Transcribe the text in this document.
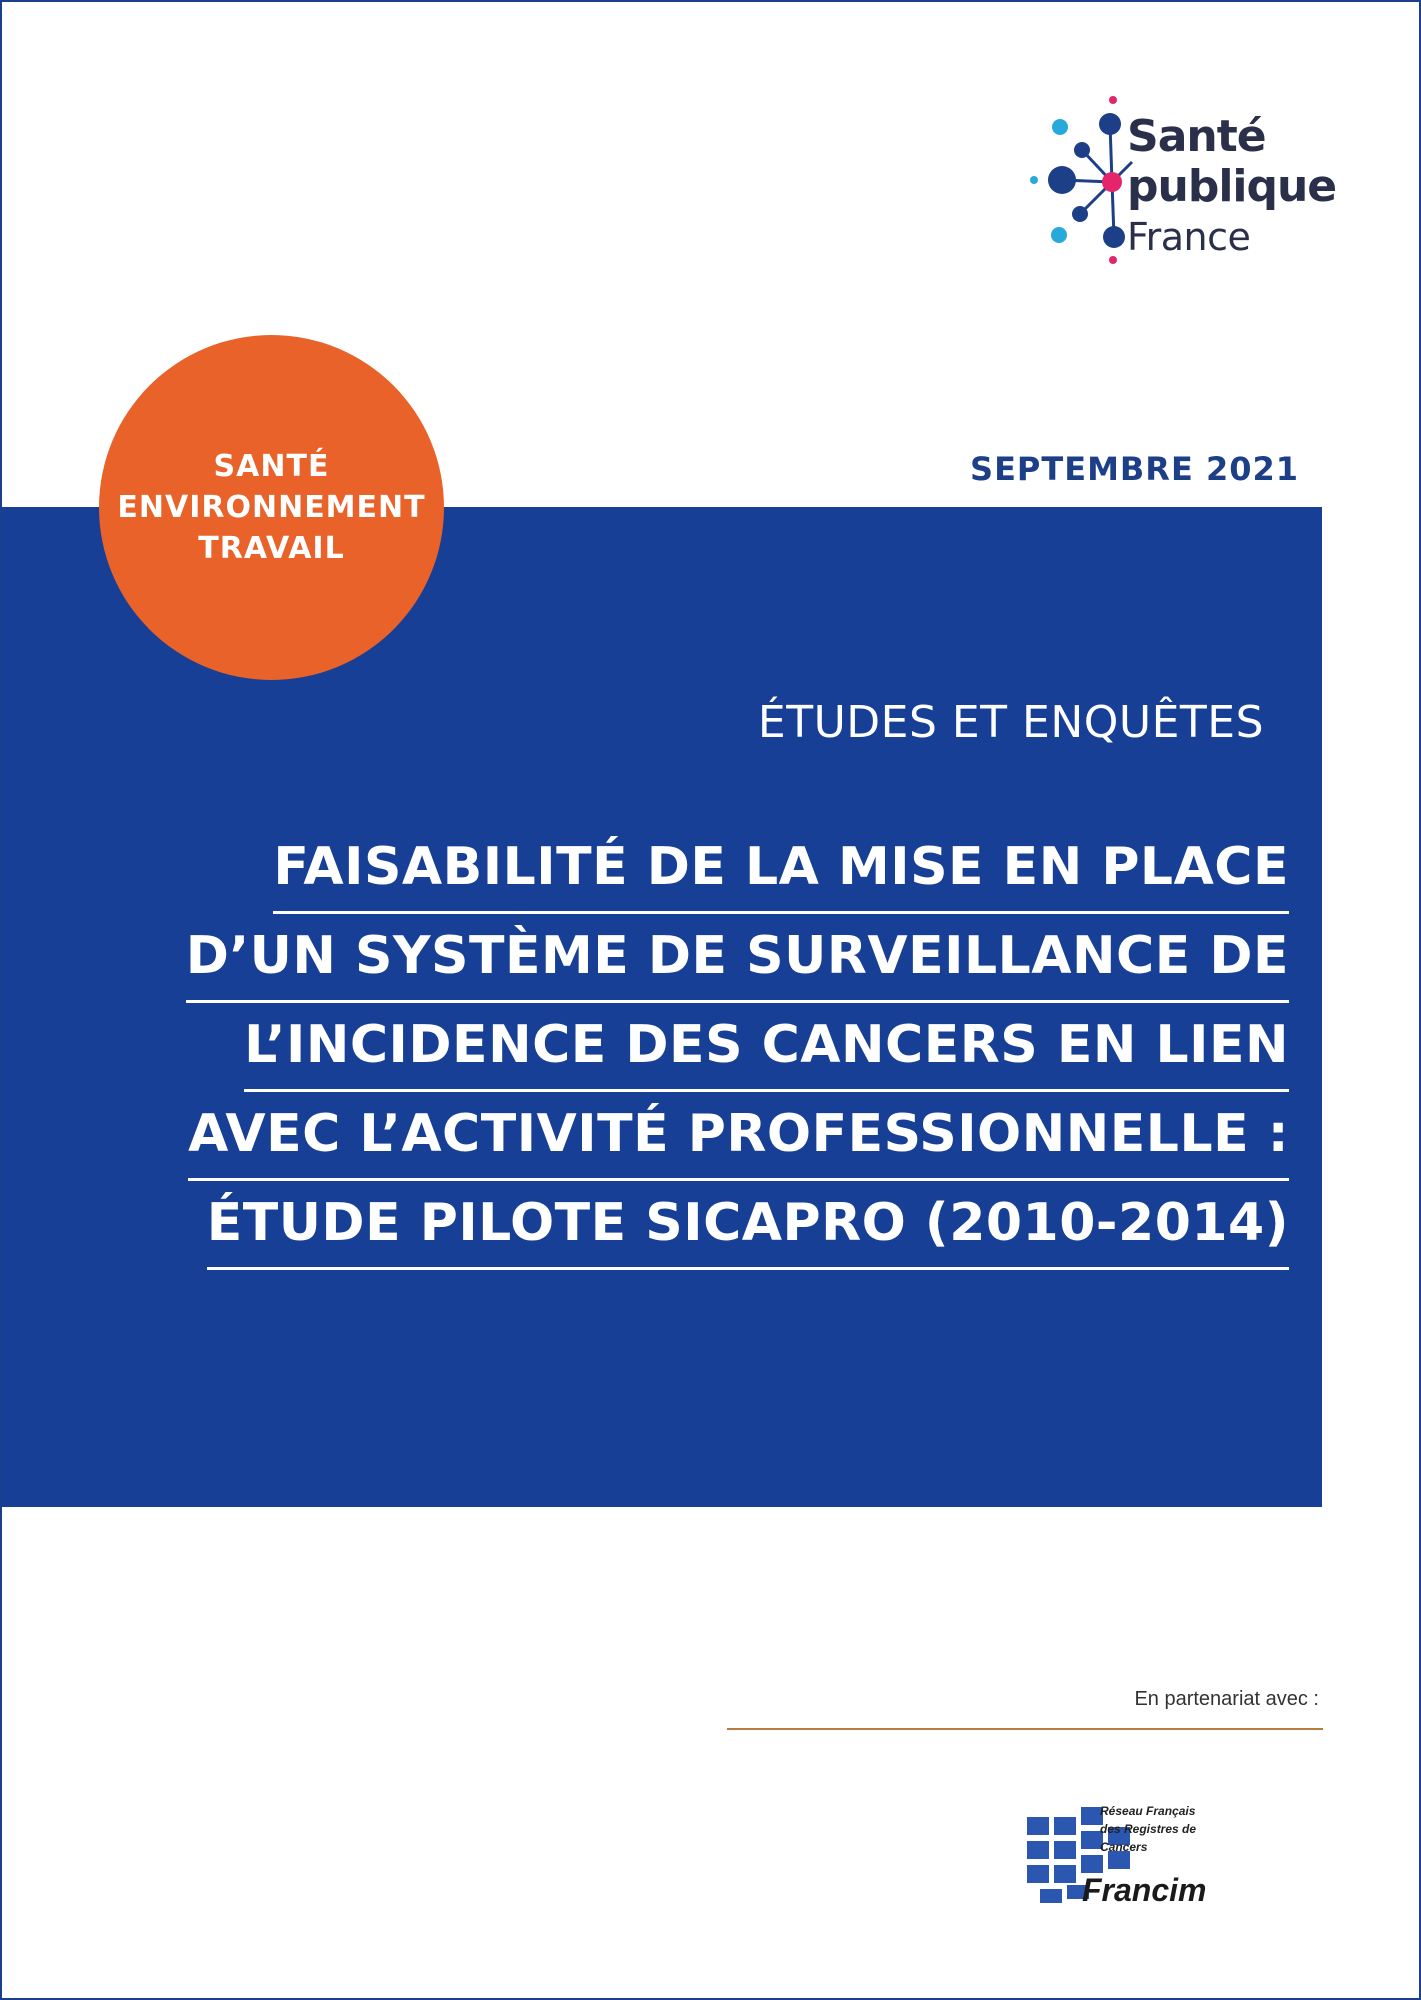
Santé
publique
France
SEPTEMBRE 2021
SANTÉ
ENVIRONNEMENT
TRAVAIL
ÉTUDES ET ENQUÊTES
FAISABILITÉ DE LA MISE EN PLACE
D’UN SYSTÈME DE SURVEILLANCE DE
L’INCIDENCE DES CANCERS EN LIEN
AVEC L’ACTIVITÉ PROFESSIONNELLE :
ÉTUDE PILOTE SICAPRO (2010-2014)
En partenariat avec :
Réseau Français
des Registres de
Cancers
Francim
